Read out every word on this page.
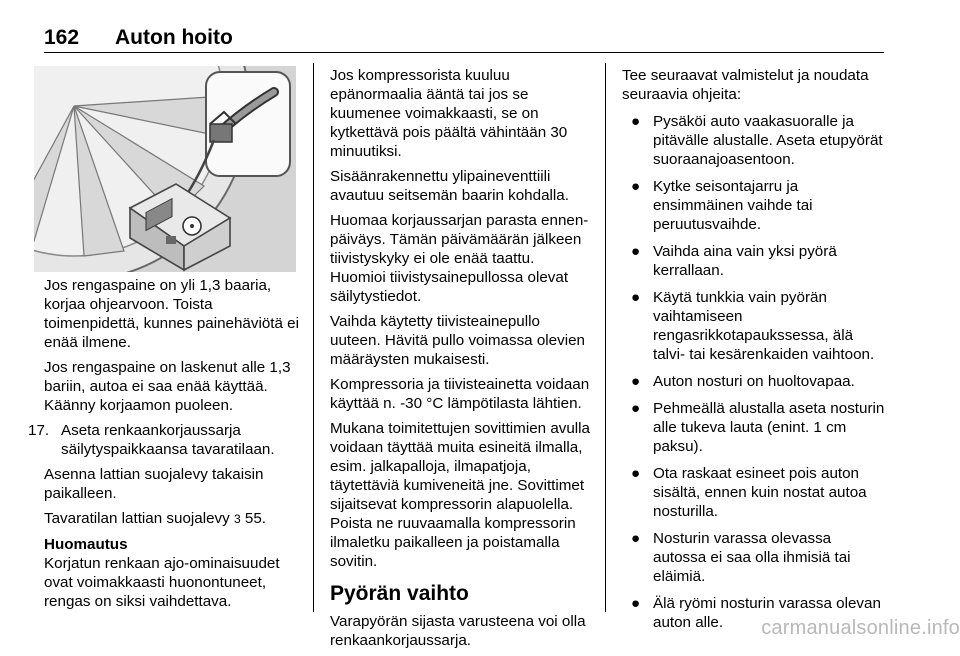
162 Auton hoito

Jos rengaspaine on yli 1,3 baaria, korjaa ohjearvoon. Toista toimenpidettä, kunnes painehäviötä ei enää ilmene.

Jos rengaspaine on laskenut alle 1,3 bariin, autoa ei saa enää käyttää. Käänny korjaamon puoleen.

17. Aseta renkaankorjaussarja säilytyspaikkaansa tavaratilaan.

Asenna lattian suojalevy takaisin paikalleen.

Tavaratilan lattian suojalevy 3 55.

Huomautus

Korjatun renkaan ajo-ominaisuudet ovat voimakkaasti huonontuneet, rengas on siksi vaihdettava.

Jos kompressorista kuuluu epänormaalia ääntä tai jos se kuumenee voimakkaasti, se on kytkettävä pois päältä vähintään 30 minuutiksi.

Sisäänrakennettu ylipaineventtiili avautuu seitsemän baarin kohdalla.

Huomaa korjaussarjan parasta ennen-päiväys. Tämän päivämäärän jälkeen tiivistyskyky ei ole enää taattu. Huomioi tiivistysainepullossa olevat säilytystiedot.

Vaihda käytetty tiivisteainepullo uuteen. Hävitä pullo voimassa olevien määräysten mukaisesti.

Kompressoria ja tiivisteainetta voidaan käyttää n. -30 °C lämpötilasta lähtien.

Mukana toimitettujen sovittimien avulla voidaan täyttää muita esineitä ilmalla, esim. jalkapalloja, ilmapatjoja, täytettäviä kumiveneitä jne. Sovittimet sijaitsevat kompressorin alapuolella. Poista ne ruuvaamalla kompressorin ilmaletku paikalleen ja poistamalla sovitin.

Pyörän vaihto

Varapyörän sijasta varusteena voi olla renkaankorjaussarja.

Tee seuraavat valmistelut ja noudata seuraavia ohjeita:

● Pysäköi auto vaakasuoralle ja pitävälle alustalle. Aseta etupyörät suoraanajoasentoon.
● Kytke seisontajarru ja ensimmäinen vaihde tai peruutusvaihde.
● Vaihda aina vain yksi pyörä kerrallaan.
● Käytä tunkkia vain pyörän vaihtamiseen rengasrikkotapaukssessa, älä talvi- tai kesärenkaiden vaihtoon.
● Auton nosturi on huoltovapaa.
● Pehmeällä alustalla aseta nosturin alle tukeva lauta (enint. 1 cm paksu).
● Ota raskaat esineet pois auton sisältä, ennen kuin nostat autoa nosturilla.
● Nosturin varassa olevassa autossa ei saa olla ihmisiä tai eläimiä.
● Älä ryömi nosturin varassa olevan auton alle.	carmanualsonline.info
